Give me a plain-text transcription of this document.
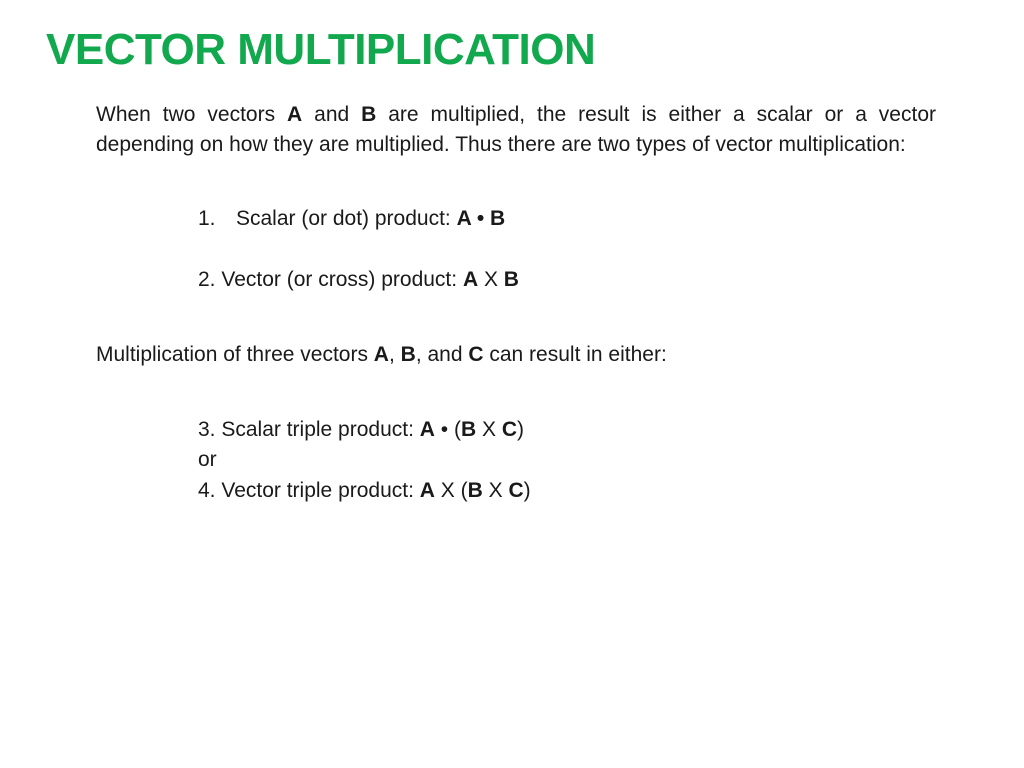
VECTOR MULTIPLICATION

When two vectors A and B are multiplied, the result is either a scalar or a vector depending on how they are multiplied. Thus there are two types of vector multiplication:

1. Scalar (or dot) product: A • B
2. Vector (or cross) product: A X B
Multiplication of three vectors A, B, and C can result in either:
3. Scalar triple product: A • (B X C)
or
4. Vector triple product: A X (B X C)
